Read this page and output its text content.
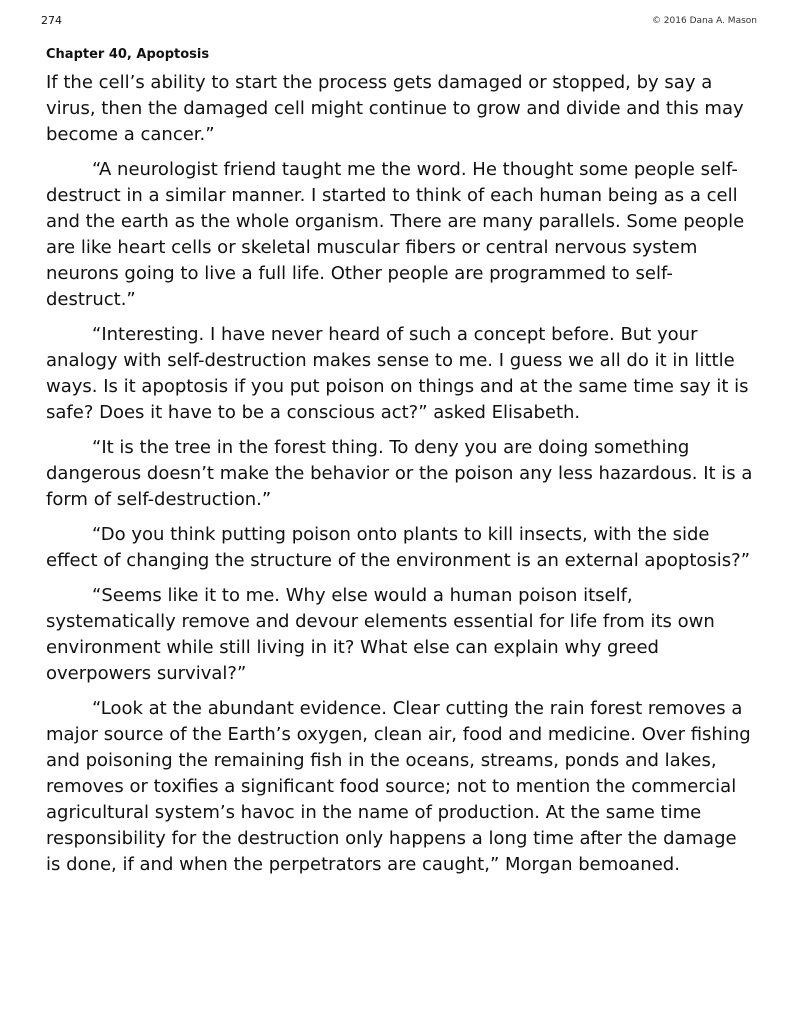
274	© 2016 Dana A. Mason
Chapter 40, Apoptosis

If the cell’s ability to start the process gets damaged or stopped, by say a virus, then the damaged cell might continue to grow and divide and this may become a cancer.”

“A neurologist friend taught me the word. He thought some people self-destruct in a similar manner. I started to think of each human being as a cell and the earth as the whole organism. There are many parallels. Some people are like heart cells or skeletal muscular fibers or central nervous system neurons going to live a full life. Other people are programmed to self-destruct.”

“Interesting. I have never heard of such a concept before. But your analogy with self-destruction makes sense to me. I guess we all do it in little ways. Is it apoptosis if you put poison on things and at the same time say it is safe? Does it have to be a conscious act?” asked Elisabeth.

“It is the tree in the forest thing. To deny you are doing something dangerous doesn’t make the behavior or the poison any less hazardous. It is a form of self-destruction.”

“Do you think putting poison onto plants to kill insects, with the side effect of changing the structure of the environment is an external apoptosis?”

“Seems like it to me. Why else would a human poison itself, systematically remove and devour elements essential for life from its own environment while still living in it? What else can explain why greed overpowers survival?”

“Look at the abundant evidence. Clear cutting the rain forest removes a major source of the Earth’s oxygen, clean air, food and medicine. Over fishing and poisoning the remaining fish in the oceans, streams, ponds and lakes, removes or toxifies a significant food source; not to mention the commercial agricultural system’s havoc in the name of production. At the same time responsibility for the destruction only happens a long time after the damage is done, if and when the perpetrators are caught,” Morgan bemoaned.
